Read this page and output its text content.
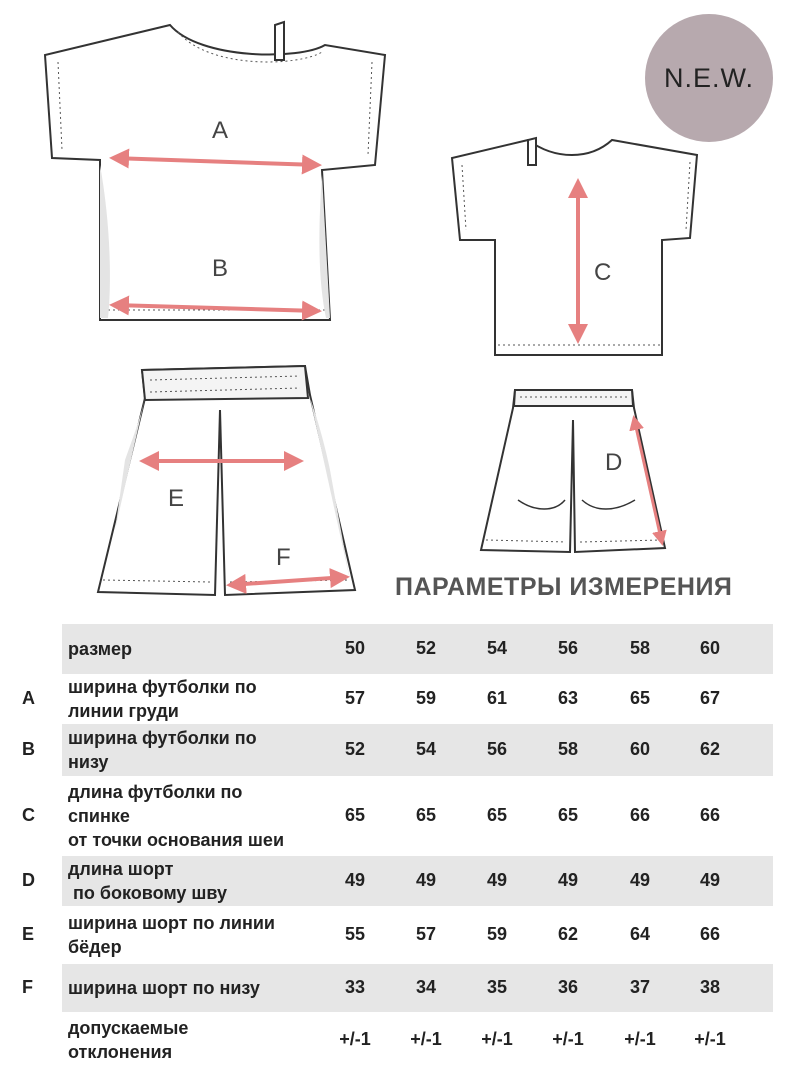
A
B	C
E
F
D
N.E.W.
ПАРАМЕТРЫ ИЗМЕРЕНИЯ
размер	50	52	54	56	58	60
A
ширина футболки по
линии груди
57	59	61	63	65	67
B
ширина футболки по
низу
52	54	56	58	60	62
C
длина футболки по
спинке
от точки основания шеи
65	65	65	65	66	66
D
длина шорт
по боковому шву
49	49	49	49	49	49
E
ширина шорт по линии
бёдер
55	57	59	62	64	66
F	ширина шорт по низу	33	34	35	36	37	38
допускаемые
отклонения
+/-1	+/-1	+/-1	+/-1	+/-1	+/-1
